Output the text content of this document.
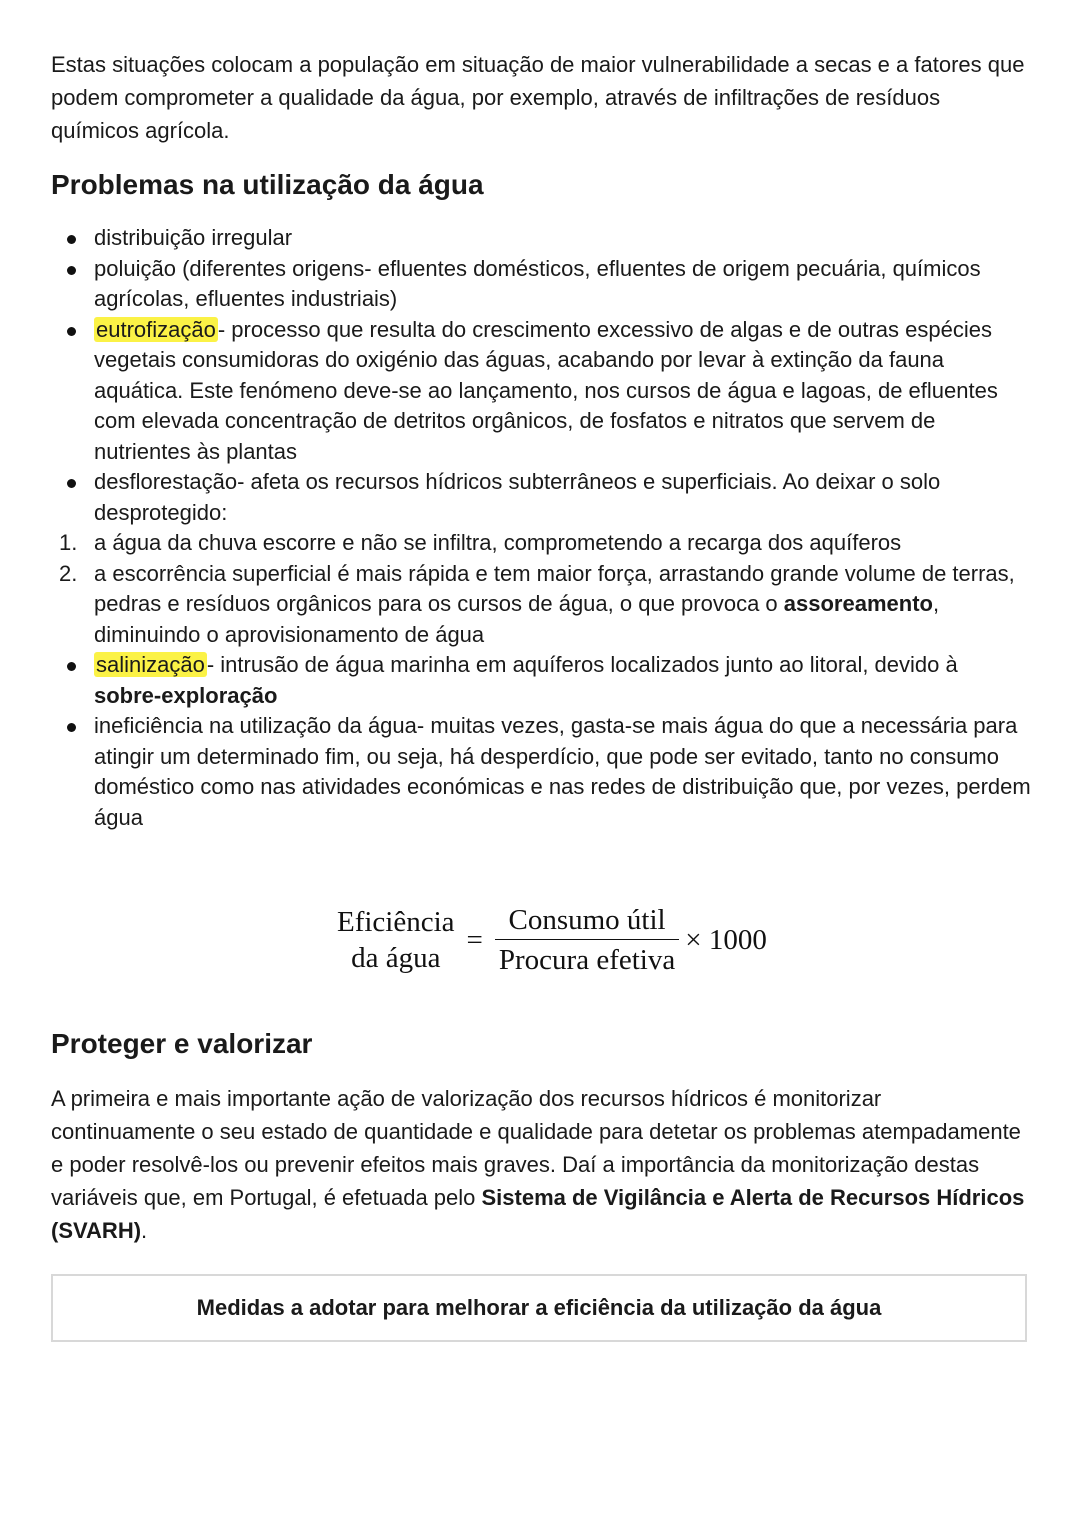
Estas situações colocam a população em situação de maior vulnerabilidade a secas e a fatores que podem comprometer a qualidade da água, por exemplo, através de infiltrações de resíduos químicos agrícola.

Problemas na utilização da água
distribuição irregular
poluição (diferentes origens- efluentes domésticos, efluentes de origem pecuária, químicos agrícolas, efluentes industriais)
eutrofização- processo que resulta do crescimento excessivo de algas e de outras espécies vegetais consumidoras do oxigénio das águas, acabando por levar à extinção da fauna aquática. Este fenómeno deve-se ao lançamento, nos cursos de água e lagoas, de efluentes com elevada concentração de detritos orgânicos, de fosfatos e nitratos que servem de nutrientes às plantas
desflorestação- afeta os recursos hídricos subterrâneos e superficiais. Ao deixar o solo desprotegido:
1. a água da chuva escorre e não se infiltra, comprometendo a recarga dos aquíferos
2. a escorrência superficial é mais rápida e tem maior força, arrastando grande volume de terras, pedras e resíduos orgânicos para os cursos de água, o que provoca o assoreamento, diminuindo o aprovisionamento de água
salinização- intrusão de água marinha em aquíferos localizados junto ao litoral, devido à sobre-exploração
ineficiência na utilização da água- muitas vezes, gasta-se mais água do que a necessária para atingir um determinado fim, ou seja, há desperdício, que pode ser evitado, tanto no consumo doméstico como nas atividades económicas e nas redes de distribuição que, por vezes, perdem água
Eficiência
da água
= $\frac{\text{Consumo útil}}{\text{Procura efetiva}} \times 1000$
Proteger e valorizar

A primeira e mais importante ação de valorização dos recursos hídricos é monitorizar continuamente o seu estado de quantidade e qualidade para detetar os problemas atempadamente e poder resolvê-los ou prevenir efeitos mais graves. Daí a importância da monitorização destas variáveis que, em Portugal, é efetuada pelo Sistema de Vigilância e Alerta de Recursos Hídricos (SVARH).

Medidas a adotar para melhorar a eficiência da utilização da água
